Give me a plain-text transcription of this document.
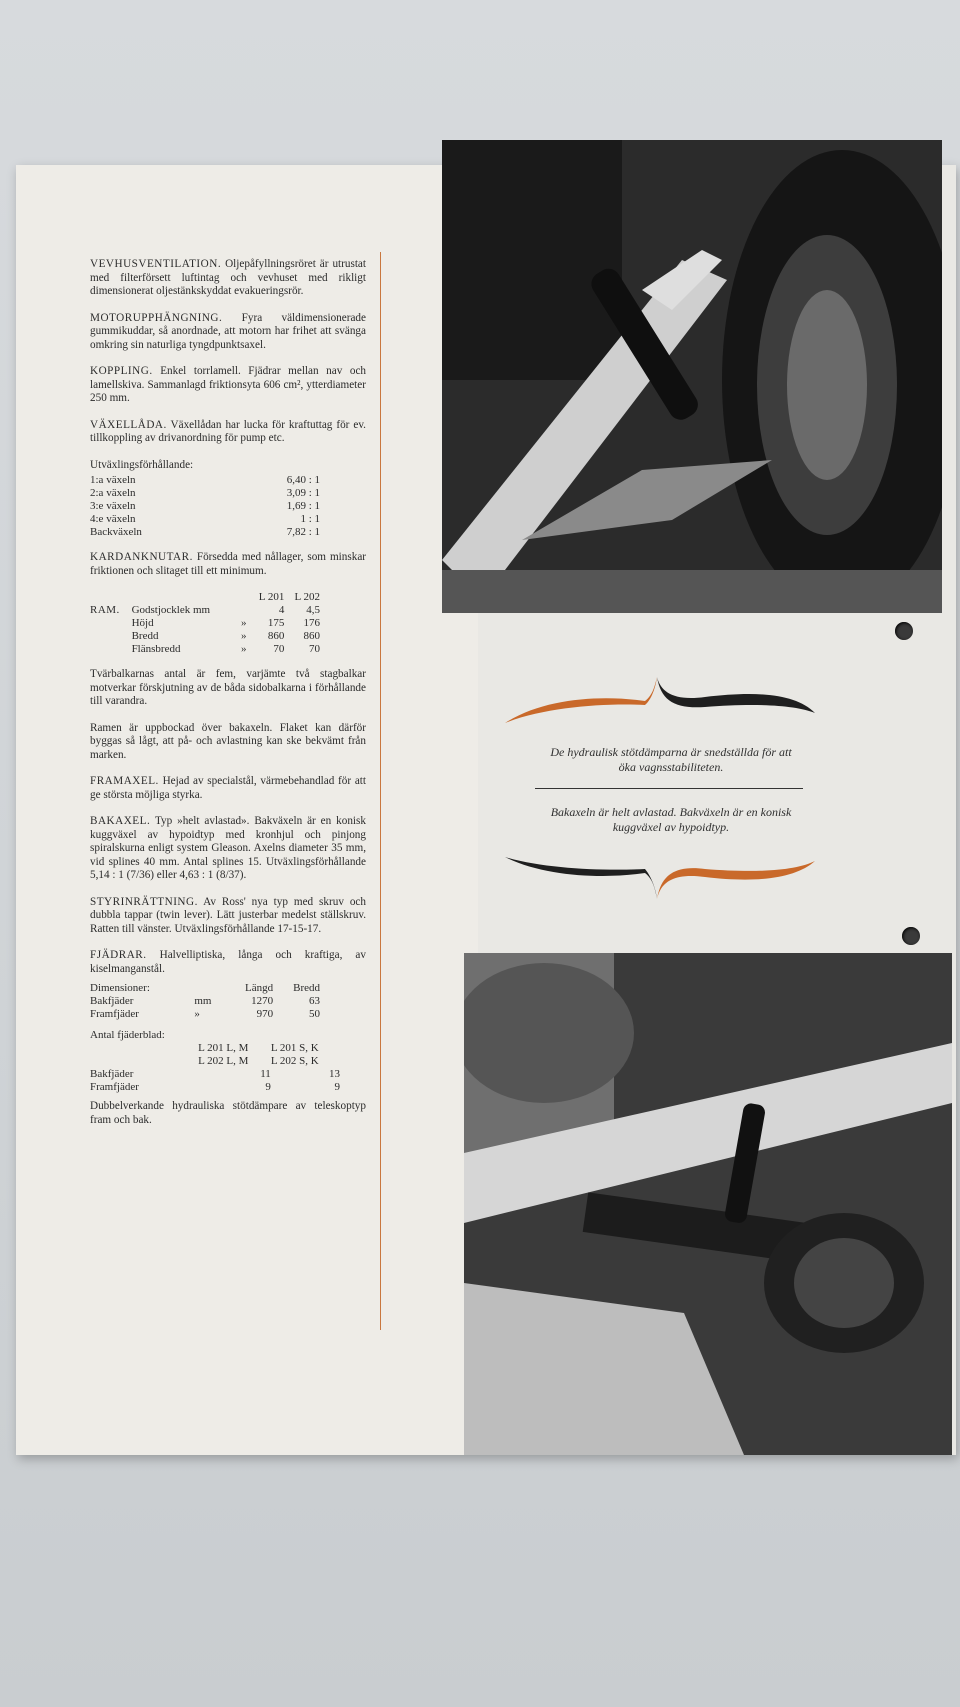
VEVHUSVENTILATION. Oljepåfyllningsröret är utrustat med filterförsett luftintag och vevhuset med rikligt dimensionerat oljestänkskyddat evakueringsrör.

MOTORUPPHÄNGNING. Fyra väldimensionerade gummikuddar, så anordnade, att motorn har frihet att svänga omkring sin naturliga tyngdpunktsaxel.

KOPPLING. Enkel torrlamell. Fjädrar mellan nav och lamellskiva. Sammanlagd friktionsyta 606 cm², ytterdiameter 250 mm.

VÄXELLÅDA. Växellådan har lucka för kraftuttag för ev. tillkoppling av drivanordning för pump etc.

Utväxlingsförhållande:
1:a växeln	6,40 : 1
2:a växeln	3,09 : 1
3:e växeln	1,69 : 1
4:e växeln	1 : 1
Backväxeln	7,82 : 1

KARDANKNUTAR. Försedda med nållager, som minskar friktionen och slitaget till ett minimum.

			L 201	L 202
RAM.	Godstjocklek mm		4	4,5
	Höjd	»	175	176
	Bredd	»	860	860
	Flänsbredd	»	70	70

Tvärbalkarnas antal är fem, varjämte två stagbalkar motverkar förskjutning av de båda sidobalkarna i förhållande till varandra.

Ramen är uppbockad över bakaxeln. Flaket kan därför byggas så lågt, att på- och avlastning kan ske bekvämt från marken.

FRAMAXEL. Hejad av specialstål, värmebehandlad för att ge största möjliga styrka.

BAKAXEL. Typ »helt avlastad». Bakväxeln är en konisk kuggväxel av hypoidtyp med kronhjul och pinjong spiralskurna enligt system Gleason. Axelns diameter 35 mm, vid splines 40 mm. Antal splines 15. Utväxlingsförhållande 5,14 : 1 (7/36) eller 4,63 : 1 (8/37).

STYRINRÄTTNING. Av Ross' nya typ med skruv och dubbla tappar (twin lever). Lätt justerbar medelst ställskruv. Ratten till vänster. Utväxlingsförhållande 17-15-17.

FJÄDRAR. Halvelliptiska, långa och kraftiga, av kiselmanganstål.

Dimensioner:		Längd	Bredd
Bakfjäder	mm	1270	63
Framfjäder	»	970	50
Antal fjäderblad:		
	L 201 L, M	L 201 S, K
	L 202 L, M	L 202 S, K
Bakfjäder	11	13
Framfjäder	9	9

Dubbelverkande hydrauliska stötdämpare av teleskoptyp fram och bak.

De hydraulisk stötdämparna är snedställda för att öka vagnsstabiliteten.
Bakaxeln är helt avlastad. Bakväxeln är en konisk kuggväxel av hypoidtyp.
